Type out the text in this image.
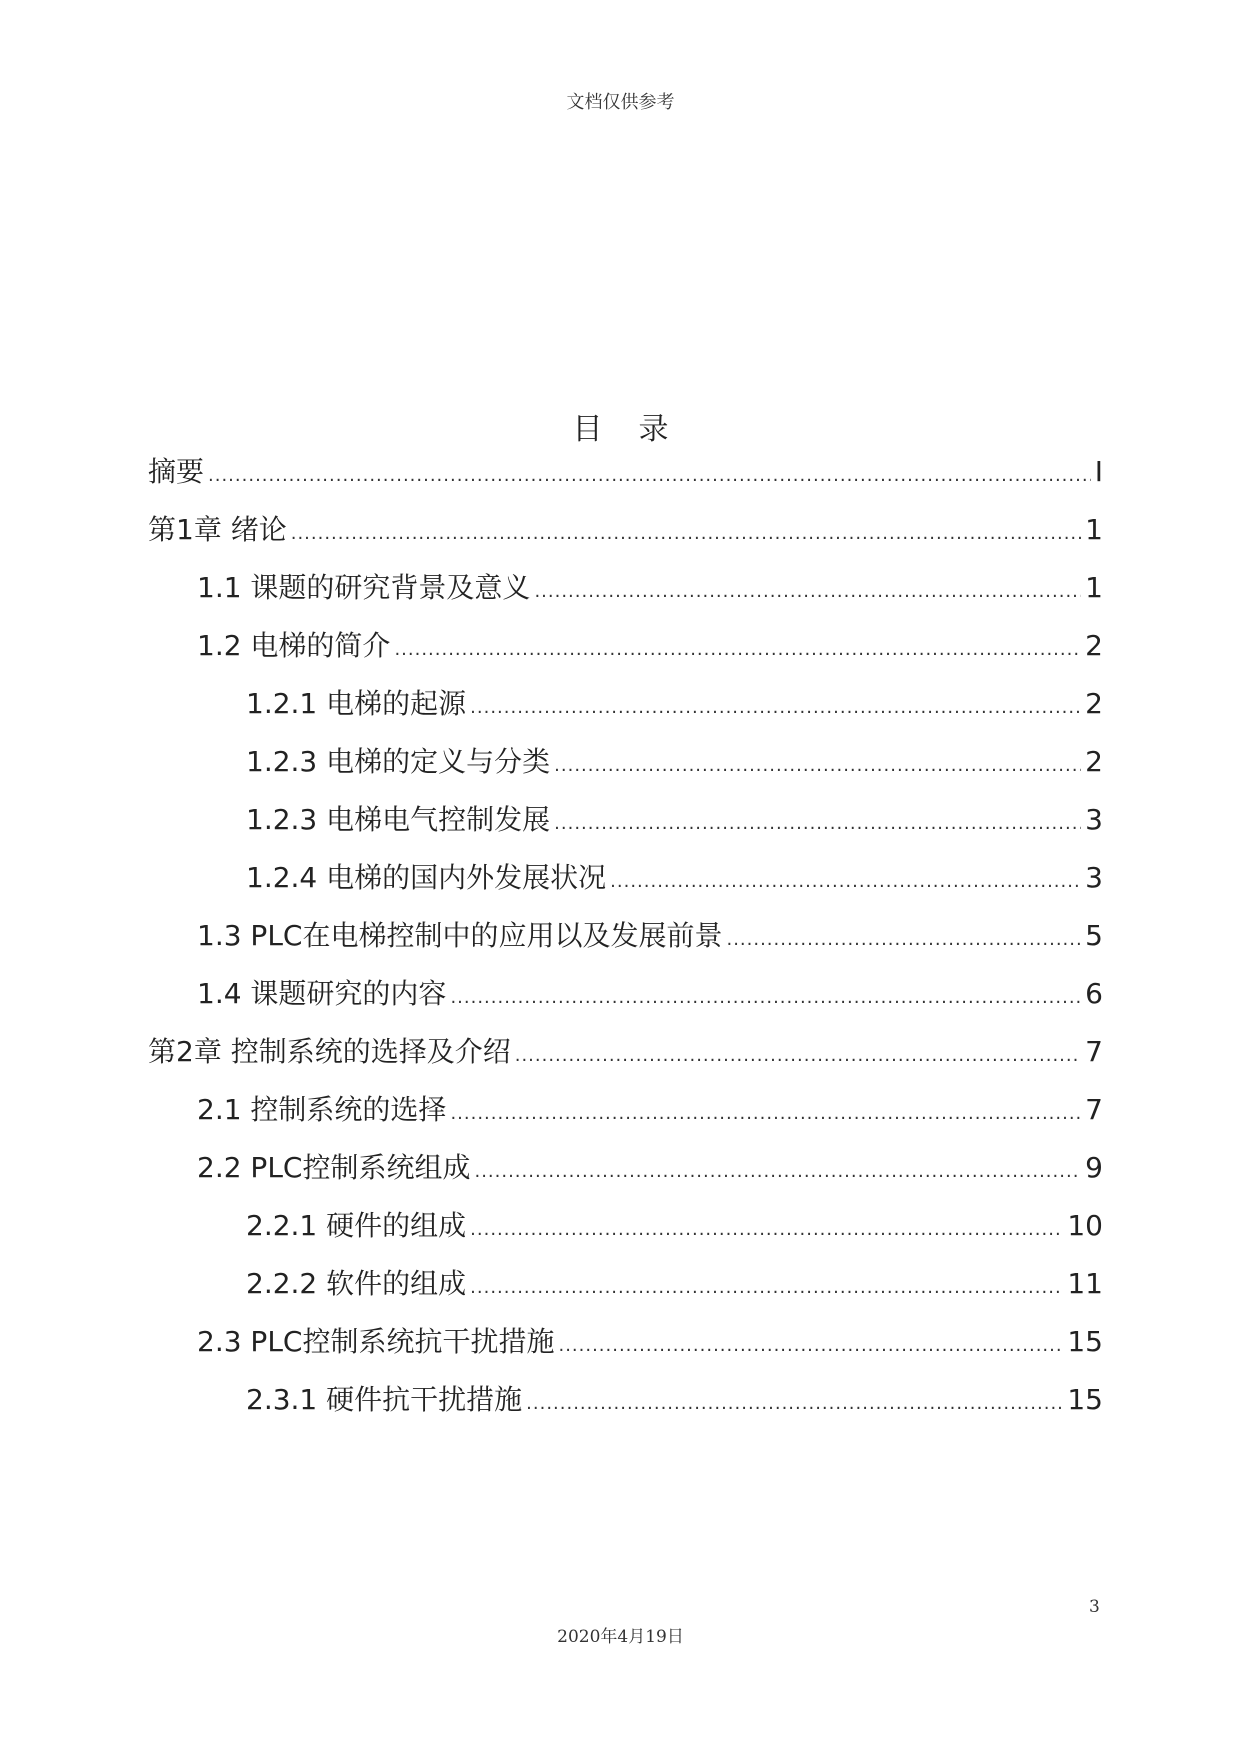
文档仅供参考
目录
摘要 .....	Ⅰ
第1章 绪论 .....	1
1.1 课题的研究背景及意义 .....	1
1.2 电梯的简介 .....	2
1.2.1 电梯的起源 .....	2
1.2.3 电梯的定义与分类 .....	2
1.2.3 电梯电气控制发展 .....	3
1.2.4 电梯的国内外发展状况 .....	3
1.3 PLC在电梯控制中的应用以及发展前景 .....	5
1.4 课题研究的内容 .....	6
第2章 控制系统的选择及介绍 .....	7
2.1 控制系统的选择 .....	7
2.2 PLC控制系统组成 .....	9
2.2.1 硬件的组成 .....	10
2.2.2 软件的组成 .....	11
2.3 PLC控制系统抗干扰措施 .....	15
2.3.1 硬件抗干扰措施 .....	15
3
2020年4月19日
